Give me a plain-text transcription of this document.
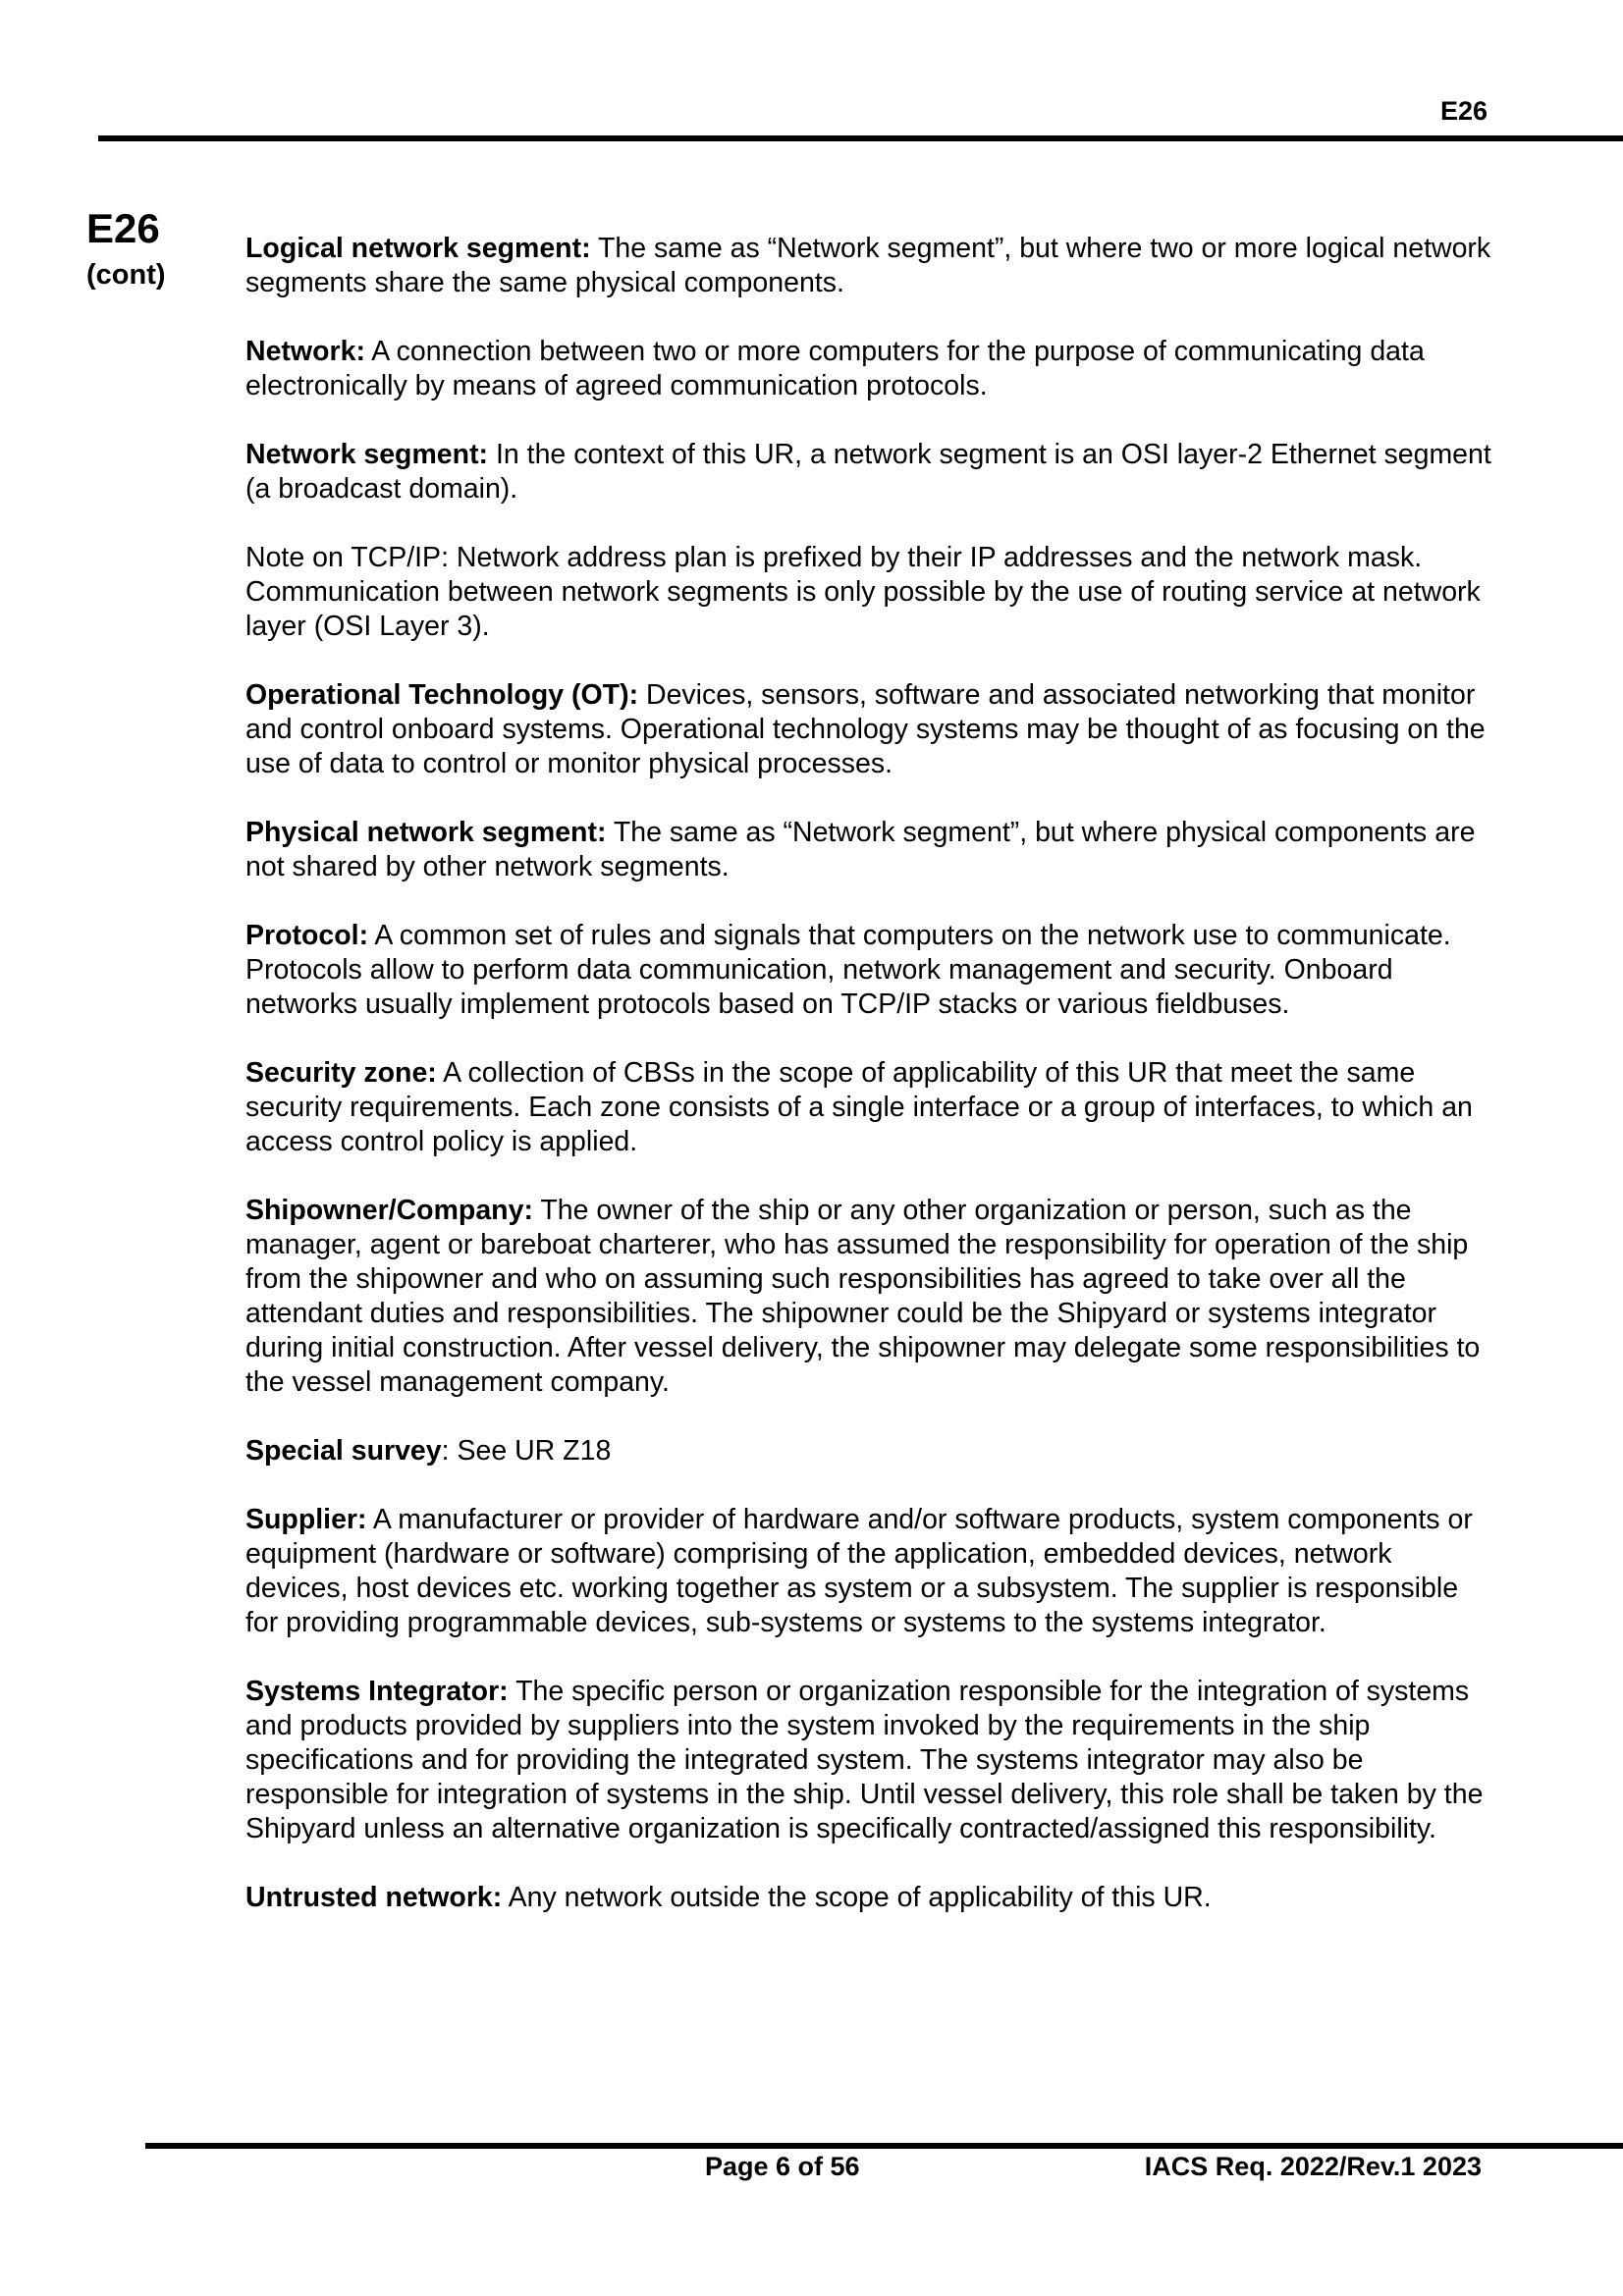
E26
E26
(cont)

Logical network segment: The same as “Network segment”, but where two or more logical network segments share the same physical components.

Network: A connection between two or more computers for the purpose of communicating data electronically by means of agreed communication protocols.

Network segment: In the context of this UR, a network segment is an OSI layer-2 Ethernet segment (a broadcast domain).

Note on TCP/IP: Network address plan is prefixed by their IP addresses and the network mask. Communication between network segments is only possible by the use of routing service at network layer (OSI Layer 3).

Operational Technology (OT): Devices, sensors, software and associated networking that monitor and control onboard systems. Operational technology systems may be thought of as focusing on the use of data to control or monitor physical processes.

Physical network segment: The same as “Network segment”, but where physical components are not shared by other network segments.

Protocol: A common set of rules and signals that computers on the network use to communicate. Protocols allow to perform data communication, network management and security. Onboard networks usually implement protocols based on TCP/IP stacks or various fieldbuses.

Security zone: A collection of CBSs in the scope of applicability of this UR that meet the same security requirements. Each zone consists of a single interface or a group of interfaces, to which an access control policy is applied.

Shipowner/Company: The owner of the ship or any other organization or person, such as the manager, agent or bareboat charterer, who has assumed the responsibility for operation of the ship from the shipowner and who on assuming such responsibilities has agreed to take over all the attendant duties and responsibilities. The shipowner could be the Shipyard or systems integrator during initial construction. After vessel delivery, the shipowner may delegate some responsibilities to the vessel management company.

Special survey: See UR Z18

Supplier: A manufacturer or provider of hardware and/or software products, system components or equipment (hardware or software) comprising of the application, embedded devices, network devices, host devices etc. working together as system or a subsystem. The supplier is responsible for providing programmable devices, sub-systems or systems to the systems integrator.

Systems Integrator: The specific person or organization responsible for the integration of systems and products provided by suppliers into the system invoked by the requirements in the ship specifications and for providing the integrated system. The systems integrator may also be responsible for integration of systems in the ship. Until vessel delivery, this role shall be taken by the Shipyard unless an alternative organization is specifically contracted/assigned this responsibility.

Untrusted network: Any network outside the scope of applicability of this UR.

Page 6 of 56	IACS Req. 2022/Rev.1 2023
